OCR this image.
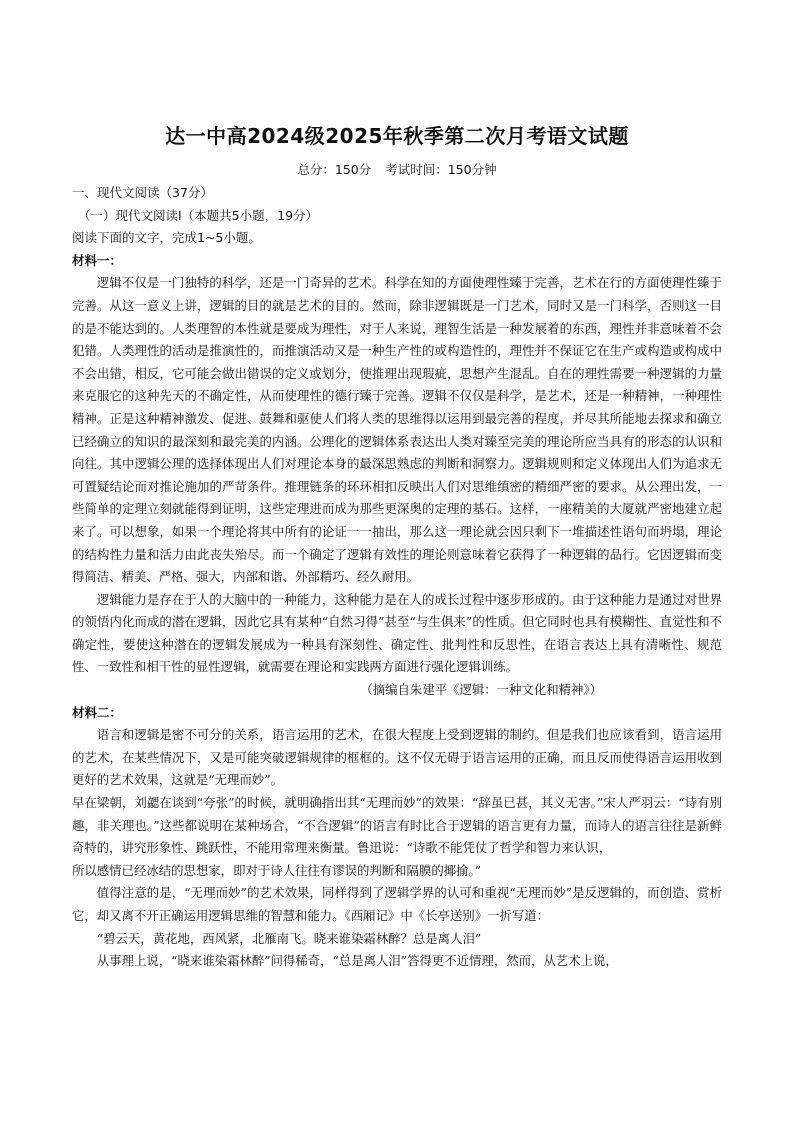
达一中高2024级2025年秋季第二次月考语文试题
总分：150分 考试时间：150分钟
一、现代文阅读（37分）
（一）现代文阅读Ⅰ（本题共5小题，19分）
阅读下面的文字，完成1~5小题。
材料一：

逻辑不仅是一门独特的科学，还是一门奇异的艺术。科学在知的方面使理性臻于完善，艺术在行的方面使理性臻于完善。从这一意义上讲，逻辑的目的就是艺术的目的。然而，除非逻辑既是一门艺术，同时又是一门科学，否则这一目的是不能达到的。人类理智的本性就是要成为理性，对于人来说，理智生活是一种发展着的东西，理性并非意味着不会犯错。人类理性的活动是推演性的，而推演活动又是一种生产性的或构造性的，理性并不保证它在生产或构造或构成中不会出错，相反，它可能会做出错误的定义或划分，使推理出现瑕疵，思想产生混乱。自在的理性需要一种逻辑的力量来克服它的这种先天的不确定性，从而使理性的德行臻于完善。逻辑不仅仅是科学，是艺术，还是一种精神，一种理性精神。正是这种精神激发、促进、鼓舞和驱使人们将人类的思维得以运用到最完善的程度，并尽其所能地去探求和确立已经确立的知识的最深刻和最完美的内涵。公理化的逻辑体系表达出人类对臻至完美的理论所应当具有的形态的认识和向往。其中逻辑公理的选择体现出人们对理论本身的最深思熟虑的判断和洞察力。逻辑规则和定义体现出人们为追求无可置疑结论而对推论施加的严苛条件。推理链条的环环相扣反映出人们对思维缜密的精细严密的要求。从公理出发，一些简单的定理立刻就能得到证明，这些定理进而成为那些更深奥的定理的基石。这样，一座精美的大厦就严密地建立起来了。可以想象，如果一个理论将其中所有的论证一一抽出，那么这一理论就会因只剩下一堆描述性语句而坍塌，理论的结构性力量和活力由此丧失殆尽。而一个确定了逻辑有效性的理论则意味着它获得了一种逻辑的品行。它因逻辑而变得简洁、精美、严格、强大，内部和谐、外部精巧、经久耐用。

逻辑能力是存在于人的大脑中的一种能力，这种能力是在人的成长过程中逐步形成的。由于这种能力是通过对世界的领悟内化而成的潜在逻辑，因此它具有某种“自然习得”甚至“与生俱来”的性质。但它同时也具有模糊性、直觉性和不确定性，要使这种潜在的逻辑发展成为一种具有深刻性、确定性、批判性和反思性，在语言表达上具有清晰性、规范性、一致性和相干性的显性逻辑，就需要在理论和实践两方面进行强化逻辑训练。

（摘编自朱建平《逻辑：一种文化和精神》）
材料二：

语言和逻辑是密不可分的关系，语言运用的艺术，在很大程度上受到逻辑的制约。但是我们也应该看到，语言运用的艺术，在某些情况下，又是可能突破逻辑规律的框框的。这不仅无碍于语言运用的正确，而且反而使得语言运用收到更好的艺术效果，这就是“无理而妙”。

早在梁朝，刘勰在谈到“夸张”的时候，就明确指出其“无理而妙”的效果：“辞虽已甚，其义无害。”宋人严羽云：“诗有别趣，非关理也。”这些都说明在某种场合，“不合逻辑”的语言有时比合于逻辑的语言更有力量，而诗人的语言往往是新鲜奇特的，讲究形象性、跳跃性，不能用常理来衡量。鲁迅说：“诗歌不能凭仗了哲学和智力来认识，

所以感情已经冰结的思想家，即对于诗人往往有谬误的判断和隔膜的揶揄。”

值得注意的是，“无理而妙”的艺术效果，同样得到了逻辑学界的认可和重视“无理而妙”是反逻辑的，而创造、赏析它，却又离不开正确运用逻辑思维的智慧和能力。《西厢记》中《长亭送别》一折写道：

“碧云天，黄花地，西风紧，北雁南飞。晓来谁染霜林醉？总是离人泪”

从事理上说，“晓来谁染霜林醉”问得稀奇，“总是离人泪”答得更不近情理，然而，从艺术上说，
